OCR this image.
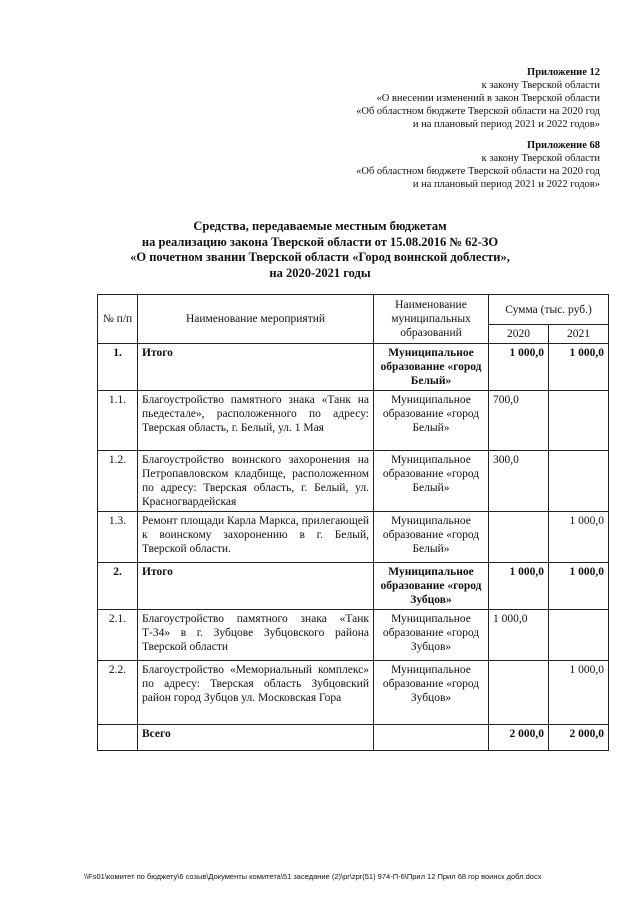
Приложение 12
к закону Тверской области
«О внесении изменений в закон Тверской области
«Об областном бюджете Тверской области на 2020 год
и на плановый период 2021 и 2022 годов»
Приложение 68
к закону Тверской области
«Об областном бюджете Тверской области на 2020 год
и на плановый период 2021 и 2022 годов»
Средства, передаваемые местным бюджетам
на реализацию закона Тверской области от 15.08.2016 № 62-ЗО
«О почетном звании Тверской области «Город воинской доблести»,
на 2020-2021 годы
№ п/п	Наименование мероприятий	Наименование муниципальных образований	Сумма (тыс. руб.)	
			2020	2021
1.	Итого	Муниципальное образование «город Белый»	1 000,0	1 000,0
1.1.	Благоустройство памятного знака «Танк на пьедестале», расположенного по адресу: Тверская область, г. Белый, ул. 1 Мая	Муниципальное образование «город Белый»	700,0	
1.2.	Благоустройство воинского захоронения на Петропавловском кладбище, расположенном по адресу: Тверская область, г. Белый, ул. Красногвардейская	Муниципальное образование «город Белый»	300,0	
1.3.	Ремонт площади Карла Маркса, прилегающей к воинскому захоронению в г. Белый, Тверской области.	Муниципальное образование «город Белый»		1 000,0
2.	Итого	Муниципальное образование «город Зубцов»	1 000,0	1 000,0
2.1.	Благоустройство памятного знака «Танк Т-34» в г. Зубцове Зубцовского района Тверской области	Муниципальное образование «город Зубцов»	1 000,0	
2.2.	Благоустройство «Мемориальный комплекс» по адресу: Тверская область Зубцовский район город Зубцов ул. Московская Гора	Муниципальное образование «город Зубцов»		1 000,0
	Всего		2 000,0	2 000,0
\\Fs01\комитет по бюджету\6 созыв\Документы комитета\51 заседание (2)\pr\zpr(51) 974-П-6\Прил 12 Прил 68 гор воинск добл.docx
